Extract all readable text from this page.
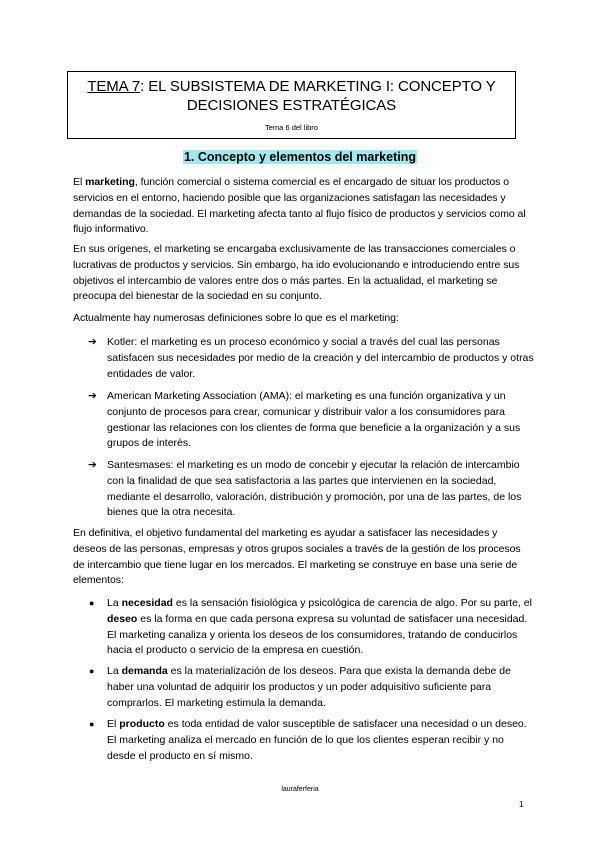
TEMA 7: EL SUBSISTEMA DE MARKETING I: CONCEPTO Y
DECISIONES ESTRATÉGICAS
Tema 6 del libro
1. Concepto y elementos del marketing
El marketing, función comercial o sistema comercial es el encargado de situar los productos o servicios en el entorno, haciendo posible que las organizaciones satisfagan las necesidades y demandas de la sociedad. El marketing afecta tanto al flujo físico de productos y servicios como al flujo informativo.
En sus orígenes, el marketing se encargaba exclusivamente de las transacciones comerciales o lucrativas de productos y servicios. Sin embargo, ha ido evolucionando e introduciendo entre sus objetivos el intercambio de valores entre dos o más partes. En la actualidad, el marketing se preocupa del bienestar de la sociedad en su conjunto.
Actualmente hay numerosas definiciones sobre lo que es el marketing:
➔ Kotler: el marketing es un proceso económico y social a través del cual las personas satisfacen sus necesidades por medio de la creación y del intercambio de productos y otras entidades de valor.
➔ American Marketing Association (AMA): el marketing es una función organizativa y un conjunto de procesos para crear, comunicar y distribuir valor a los consumidores para gestionar las relaciones con los clientes de forma que beneficie a la organización y a sus grupos de interés.
➔ Santesmases: el marketing es un modo de concebir y ejecutar la relación de intercambio con la finalidad de que sea satisfactoria a las partes que intervienen en la sociedad, mediante el desarrollo, valoración, distribución y promoción, por una de las partes, de los bienes que la otra necesita.
En definitiva, el objetivo fundamental del marketing es ayudar a satisfacer las necesidades y deseos de las personas, empresas y otros grupos sociales a través de la gestión de los procesos de intercambio que tiene lugar en los mercados. El marketing se construye en base una serie de elementos:
● La necesidad es la sensación fisiológica y psicológica de carencia de algo. Por su parte, el deseo es la forma en que cada persona expresa su voluntad de satisfacer una necesidad. El marketing canaliza y orienta los deseos de los consumidores, tratando de conducirlos hacia el producto o servicio de la empresa en cuestión.
● La demanda es la materialización de los deseos. Para que exista la demanda debe de haber una voluntad de adquirir los productos y un poder adquisitivo suficiente para comprarlos. El marketing estimula la demanda.
● El producto es toda entidad de valor susceptible de satisfacer una necesidad o un deseo. El marketing analiza el mercado en función de lo que los clientes esperan recibir y no desde el producto en sí mismo.
lauraferferia
1
